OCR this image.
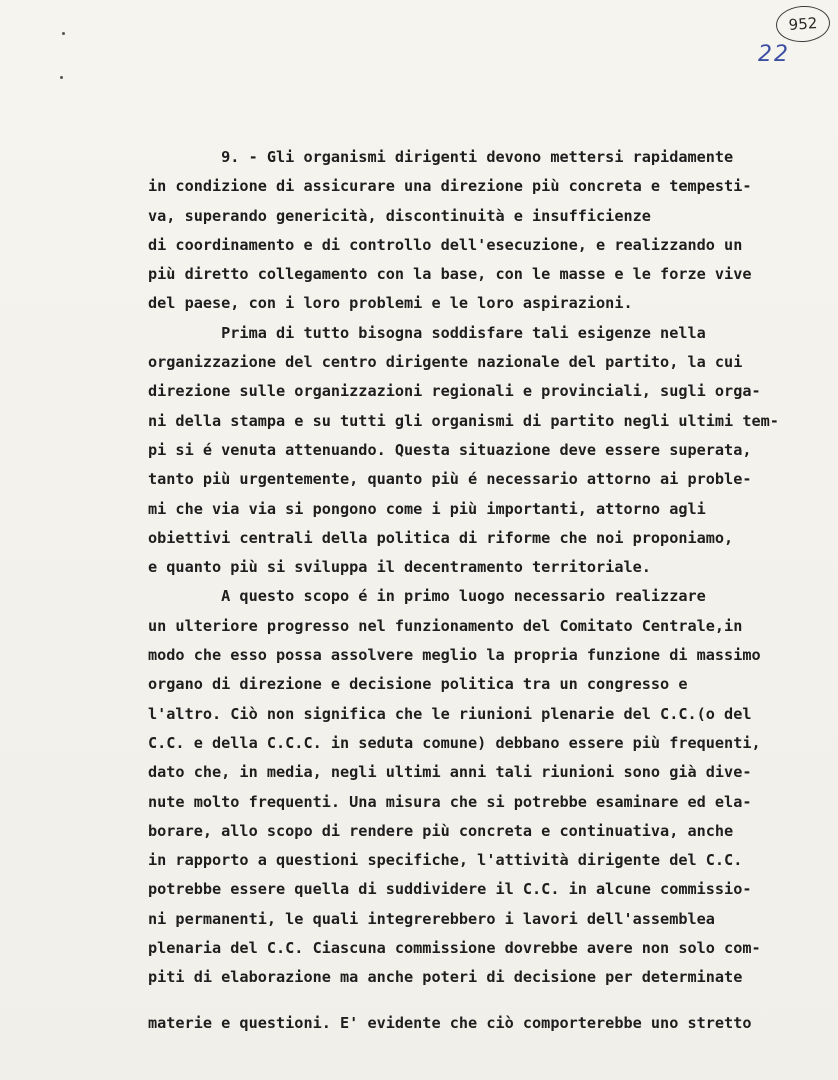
952
22
9. - Gli organismi dirigenti devono mettersi rapidamente
in condizione di assicurare una direzione più concreta e tempesti-
va, superando genericità, discontinuità e insufficienze
di coordinamento e di controllo dell'esecuzione, e realizzando un
più diretto collegamento con la base, con le masse e le forze vive
del paese, con i loro problemi e le loro aspirazioni.
Prima di tutto bisogna soddisfare tali esigenze nella
organizzazione del centro dirigente nazionale del partito, la cui
direzione sulle organizzazioni regionali e provinciali, sugli orga-
ni della stampa e su tutti gli organismi di partito negli ultimi tem-
pi si é venuta attenuando. Questa situazione deve essere superata,
tanto più urgentemente, quanto più é necessario attorno ai proble-
mi che via via si pongono come i più importanti, attorno agli
obiettivi centrali della politica di riforme che noi proponiamo,
e quanto più si sviluppa il decentramento territoriale.
A questo scopo é in primo luogo necessario realizzare
un ulteriore progresso nel funzionamento del Comitato Centrale,in
modo che esso possa assolvere meglio la propria funzione di massimo
organo di direzione e decisione politica tra un congresso e
l'altro. Ciò non significa che le riunioni plenarie del C.C.(o del
C.C. e della C.C.C. in seduta comune) debbano essere più frequenti,
dato che, in media, negli ultimi anni tali riunioni sono già dive-
nute molto frequenti. Una misura che si potrebbe esaminare ed ela-
borare, allo scopo di rendere più concreta e continuativa, anche
in rapporto a questioni specifiche, l'attività dirigente del C.C.
potrebbe essere quella di suddividere il C.C. in alcune commissio-
ni permanenti, le quali integrerebbero i lavori dell'assemblea
plenaria del C.C. Ciascuna commissione dovrebbe avere non solo com-
piti di elaborazione ma anche poteri di decisione per determinate
materie e questioni. E' evidente che ciò comporterebbe uno stretto
